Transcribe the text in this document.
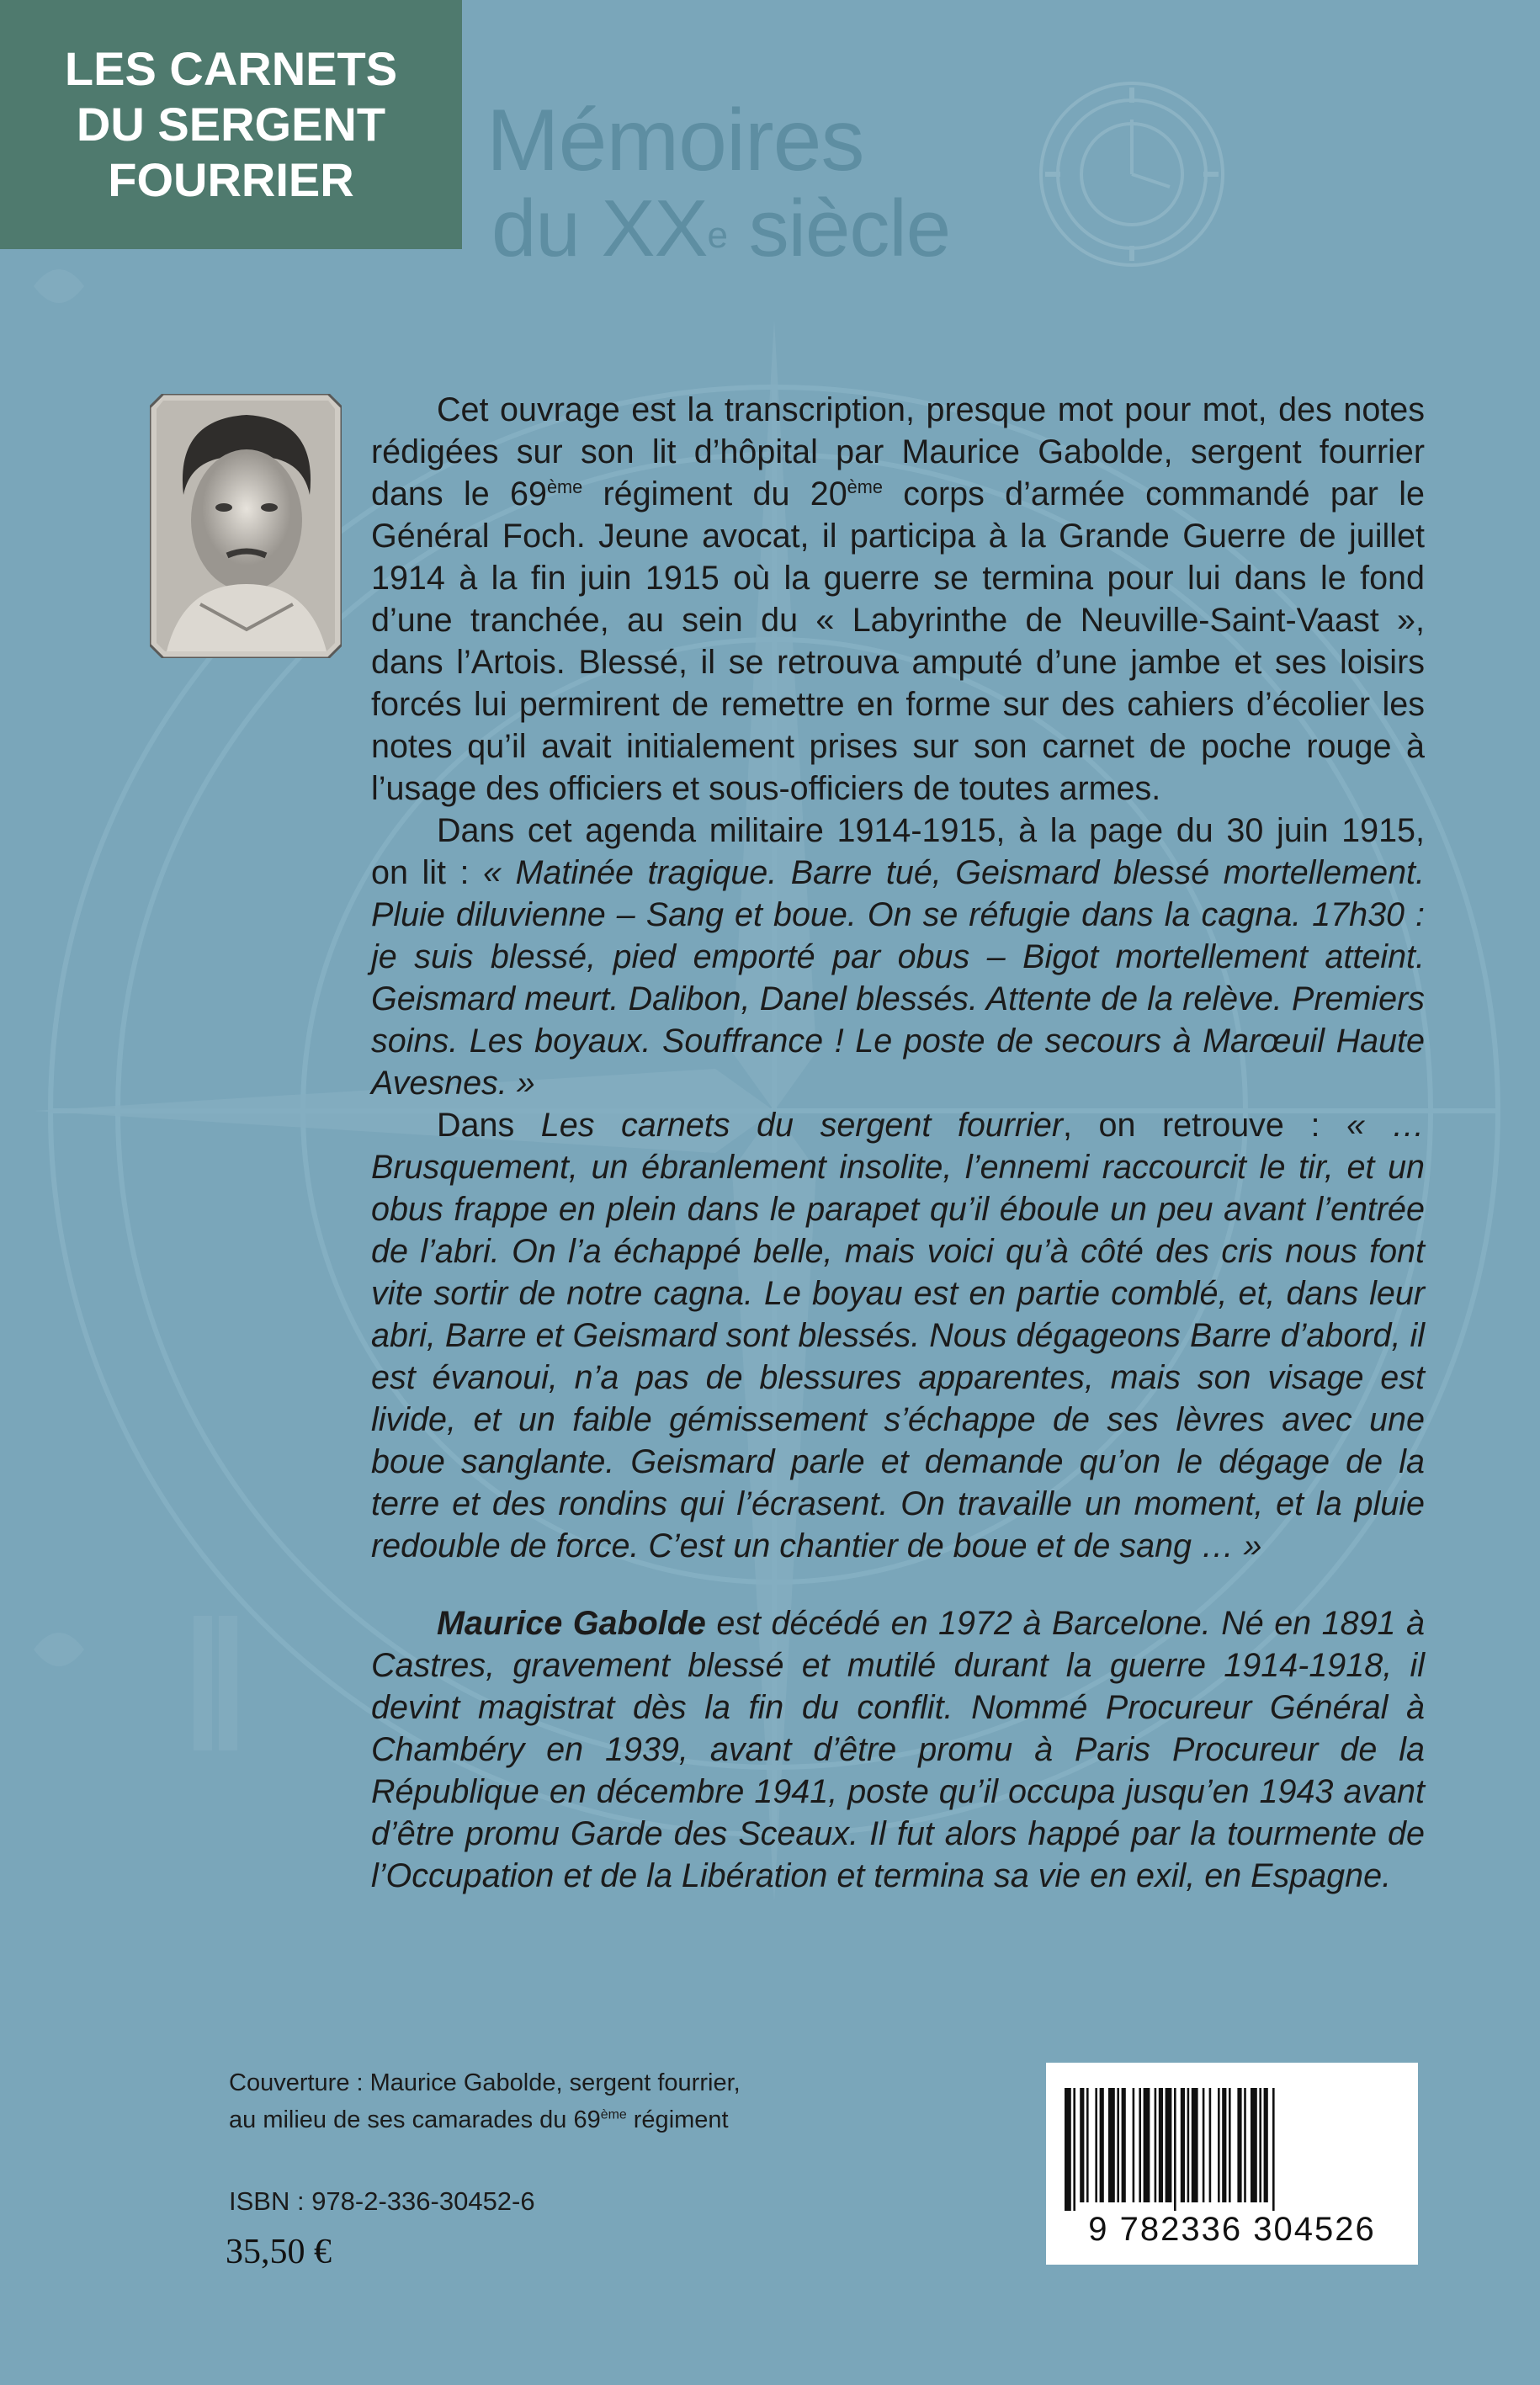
LES CARNETS
DU SERGENT
FOURRIER Mémoires
du XXe siècle

Cet ouvrage est la transcription, presque mot pour mot, des notes rédigées sur son lit d’hôpital par Maurice Gabolde, sergent fourrier dans le 69ème régiment du 20ème corps d’armée commandé par le Général Foch. Jeune avocat, il participa à la Grande Guerre de juillet 1914 à la fin juin 1915 où la guerre se termina pour lui dans le fond d’une tranchée, au sein du « Labyrinthe de Neuville-Saint-Vaast », dans l’Artois. Blessé, il se retrouva amputé d’une jambe et ses loisirs forcés lui permirent de remettre en forme sur des cahiers d’écolier les notes qu’il avait initialement prises sur son carnet de poche rouge à l’usage des officiers et sous-officiers de toutes armes.

Dans cet agenda militaire 1914-1915, à la page du 30 juin 1915, on lit : « Matinée tragique. Barre tué, Geismard blessé mortellement. Pluie diluvienne – Sang et boue. On se réfugie dans la cagna. 17h30 : je suis blessé, pied emporté par obus – Bigot mortellement atteint. Geismard meurt. Dalibon, Danel blessés. Attente de la relève. Premiers soins. Les boyaux. Souffrance ! Le poste de secours à Marœuil Haute Avesnes. »

Dans Les carnets du sergent fourrier, on retrouve : « … Brusquement, un ébranlement insolite, l’ennemi raccourcit le tir, et un obus frappe en plein dans le parapet qu’il éboule un peu avant l’entrée de l’abri. On l’a échappé belle, mais voici qu’à côté des cris nous font vite sortir de notre cagna. Le boyau est en partie comblé, et, dans leur abri, Barre et Geismard sont blessés. Nous dégageons Barre d’abord, il est évanoui, n’a pas de blessures apparentes, mais son visage est livide, et un faible gémissement s’échappe de ses lèvres avec une boue sanglante. Geismard parle et demande qu’on le dégage de la terre et des rondins qui l’écrasent. On travaille un moment, et la pluie redouble de force. C’est un chantier de boue et de sang … »

Maurice Gabolde est décédé en 1972 à Barcelone. Né en 1891 à Castres, gravement blessé et mutilé durant la guerre 1914-1918, il devint magistrat dès la fin du conflit. Nommé Procureur Général à Chambéry en 1939, avant d’être promu à Paris Procureur de la République en décembre 1941, poste qu’il occupa jusqu’en 1943 avant d’être promu Garde des Sceaux. Il fut alors happé par la tourmente de l’Occupation et de la Libération et termina sa vie en exil, en Espagne.

Couverture : Maurice Gabolde, sergent fourrier,
au milieu de ses camarades du 69ème régiment
ISBN : 978-2-336-30452-6
35,50 €
9 782336 304526
